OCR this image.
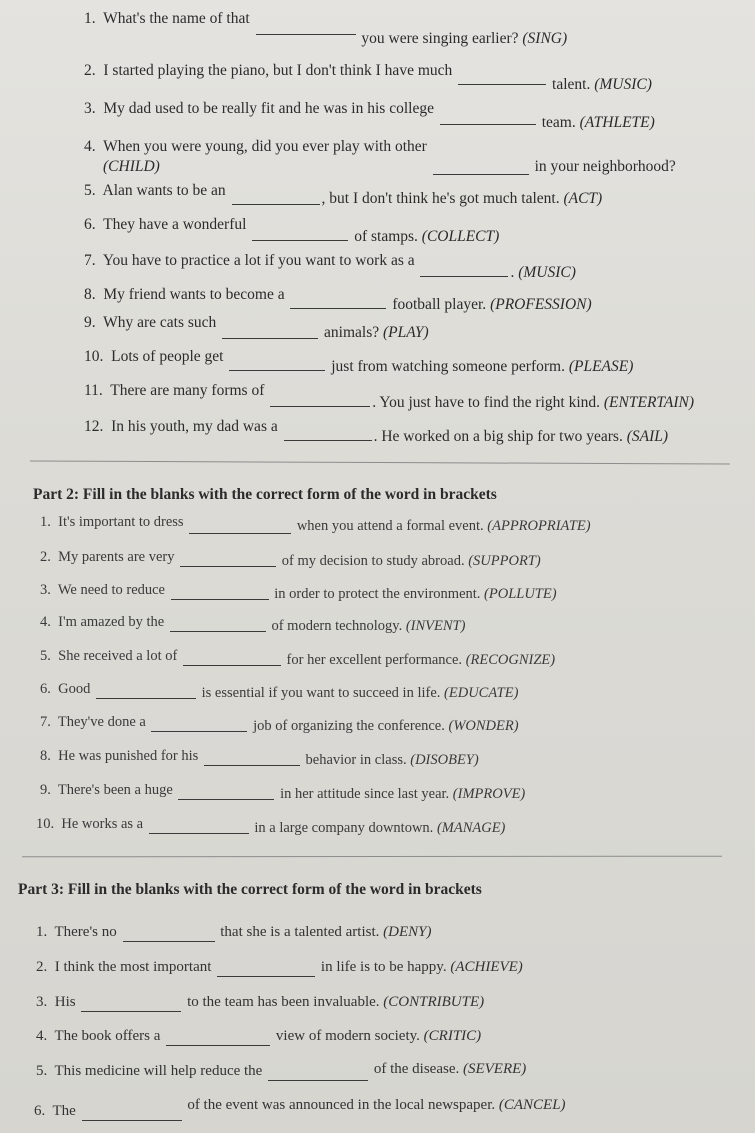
1. What's the name of that  you were singing earlier? (SING)
2. I started playing the piano, but I don't think I have much  talent. (MUSIC)
3. My dad used to be really fit and he was in his college  team. (ATHLETE)
4. When you were young, did you ever play with other  in your neighborhood?
(CHILD)
5. Alan wants to be an	, but I don't think he's got much talent. (ACT)
6. They have a wonderful  of stamps. (COLLECT)
7. You have to practice a lot if you want to work as a . (MUSIC)
8. My friend wants to become a  football player. (PROFESSION)
9. Why are cats such  animals? (PLAY)
10. Lots of people get  just from watching someone perform. (PLEASE)
11. There are many forms of . You just have to find the right kind. (ENTERTAIN)
12. In his youth, my dad was a . He worked on a big ship for two years. (SAIL)
Part 2: Fill in the blanks with the correct form of the word in brackets
1. It's important to dress	when you attend a formal event. (APPROPRIATE)
2. My parents are very	of my decision to study abroad. (SUPPORT)
3. We need to reduce	in order to protect the environment. (POLLUTE)
4. I'm amazed by the	of modern technology. (INVENT)
5. She received a lot of	for her excellent performance. (RECOGNIZE)
6. Good	is essential if you want to succeed in life. (EDUCATE)
7. They've done a	job of organizing the conference. (WONDER)
8. He was punished for his	behavior in class. (DISOBEY)
9. There's been a huge	in her attitude since last year. (IMPROVE)
10. He works as a	in a large company downtown. (MANAGE)
Part 3: Fill in the blanks with the correct form of the word in brackets
1. There's no	that she is a talented artist. (DENY)
2. I think the most important	in life is to be happy. (ACHIEVE)
3. His	to the team has been invaluable. (CONTRIBUTE)
4. The book offers a	view of modern society. (CRITIC)
5. This medicine will help reduce the	of the disease. (SEVERE)
6. The	of the event was announced in the local newspaper. (CANCEL)
